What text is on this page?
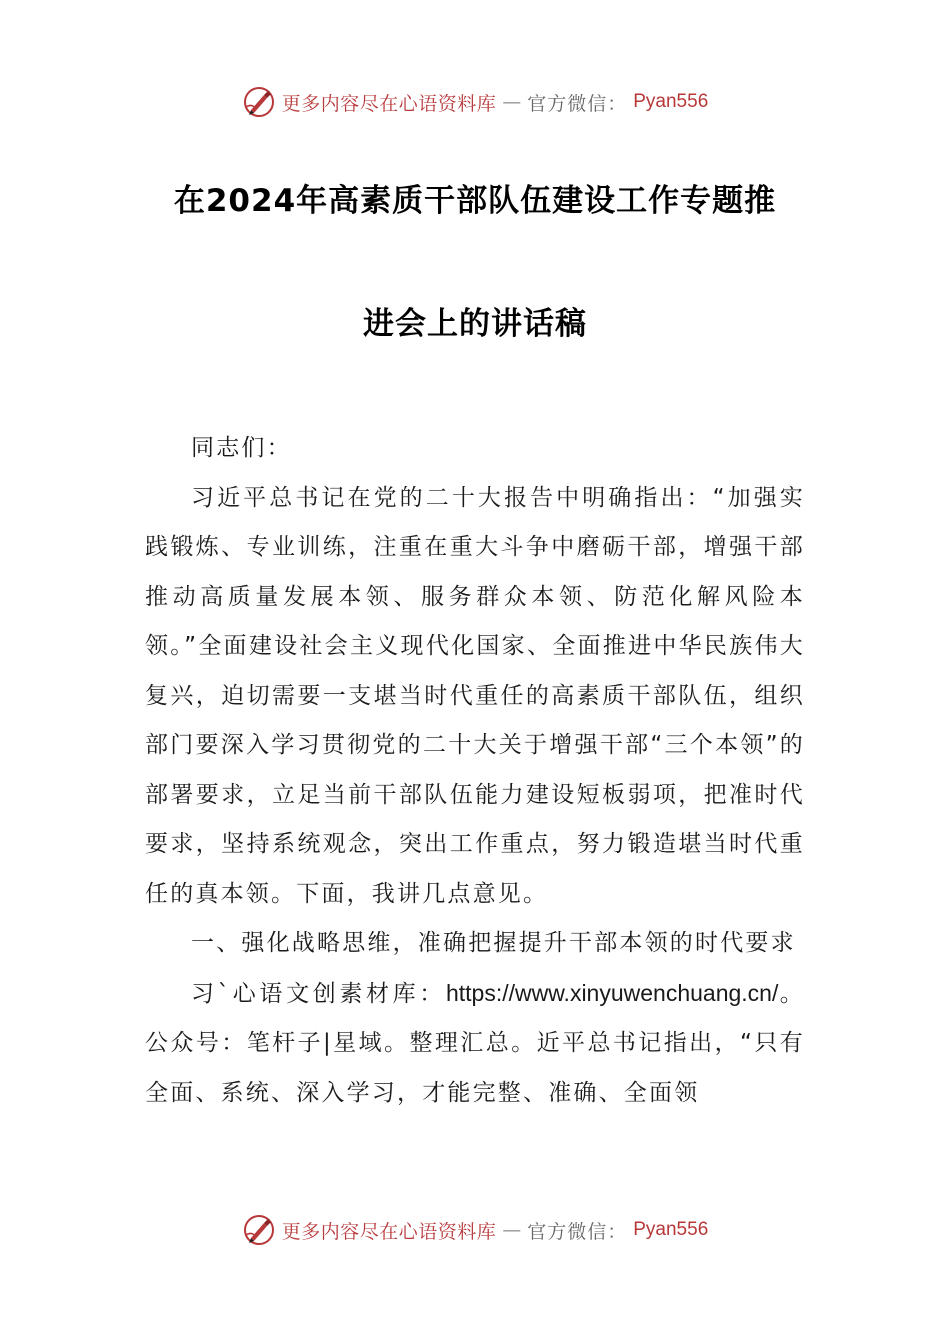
更多内容尽在心语资料库 — 官方微信： Pyan556
在2024年高素质干部队伍建设工作专题推
进会上的讲话稿

同志们：

习近平总书记在党的二十大报告中明确指出：“加强实践锻炼、专业训练，注重在重大斗争中磨砺干部，增强干部推动高质量发展本领、服务群众本领、防范化解风险本领。”全面建设社会主义现代化国家、全面推进中华民族伟大复兴，迫切需要一支堪当时代重任的高素质干部队伍，组织部门要深入学习贯彻党的二十大关于增强干部“三个本领”的部署要求，立足当前干部队伍能力建设短板弱项，把准时代要求，坚持系统观念，突出工作重点，努力锻造堪当时代重任的真本领。下面，我讲几点意见。

一、强化战略思维，准确把握提升干部本领的时代要求

习`心语文创素材库：https://www.xinyuwenchuang.cn/。公众号：笔杆子|星域。整理汇总。近平总书记指出，“只有全面、系统、深入学习，才能完整、准确、全面领

更多内容尽在心语资料库 — 官方微信： Pyan556
